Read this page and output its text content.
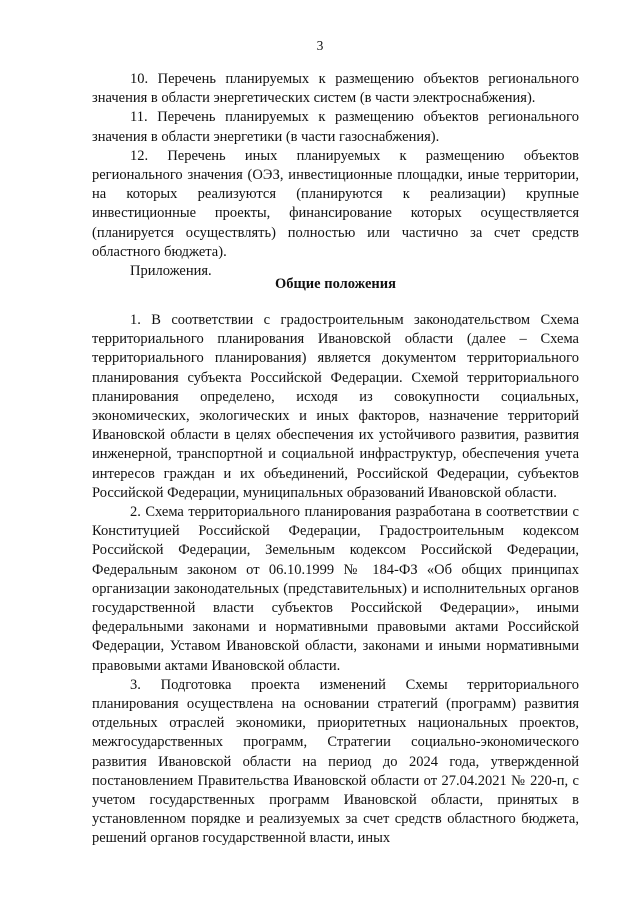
3

10. Перечень планируемых к размещению объектов регионального значения в области энергетических систем (в части электроснабжения).

11. Перечень планируемых к размещению объектов регионального значения в области энергетики (в части газоснабжения).

12. Перечень иных планируемых к размещению объектов регионального значения (ОЭЗ, инвестиционные площадки, иные территории, на которых реализуются (планируются к реализации) крупные инвестиционные проекты, финансирование которых осуществляется (планируется осуществлять) полностью или частично за счет средств областного бюджета).

Приложения.

Общие положения

1. В соответствии с градостроительным законодательством Схема территориального планирования Ивановской области (далее – Схема территориального планирования) является документом территориального планирования субъекта Российской Федерации. Схемой территориального планирования определено, исходя из совокупности социальных, экономических, экологических и иных факторов, назначение территорий Ивановской области в целях обеспечения их устойчивого развития, развития инженерной, транспортной и социальной инфраструктур, обеспечения учета интересов граждан и их объединений, Российской Федерации, субъектов Российской Федерации, муниципальных образований Ивановской области.

2. Схема территориального планирования разработана в соответствии с Конституцией Российской Федерации, Градостроительным кодексом Российской Федерации, Земельным кодексом Российской Федерации, Федеральным законом от 06.10.1999 № 184-ФЗ «Об общих принципах организации законодательных (представительных) и исполнительных органов государственной власти субъектов Российской Федерации», иными федеральными законами и нормативными правовыми актами Российской Федерации, Уставом Ивановской области, законами и иными нормативными правовыми актами Ивановской области.

3. Подготовка проекта изменений Схемы территориального планирования осуществлена на основании стратегий (программ) развития отдельных отраслей экономики, приоритетных национальных проектов, межгосударственных программ, Стратегии социально-экономического развития Ивановской области на период до 2024 года, утвержденной постановлением Правительства Ивановской области от 27.04.2021 № 220-п, с учетом государственных программ Ивановской области, принятых в установленном порядке и реализуемых за счет средств областного бюджета, решений органов государственной власти, иных
